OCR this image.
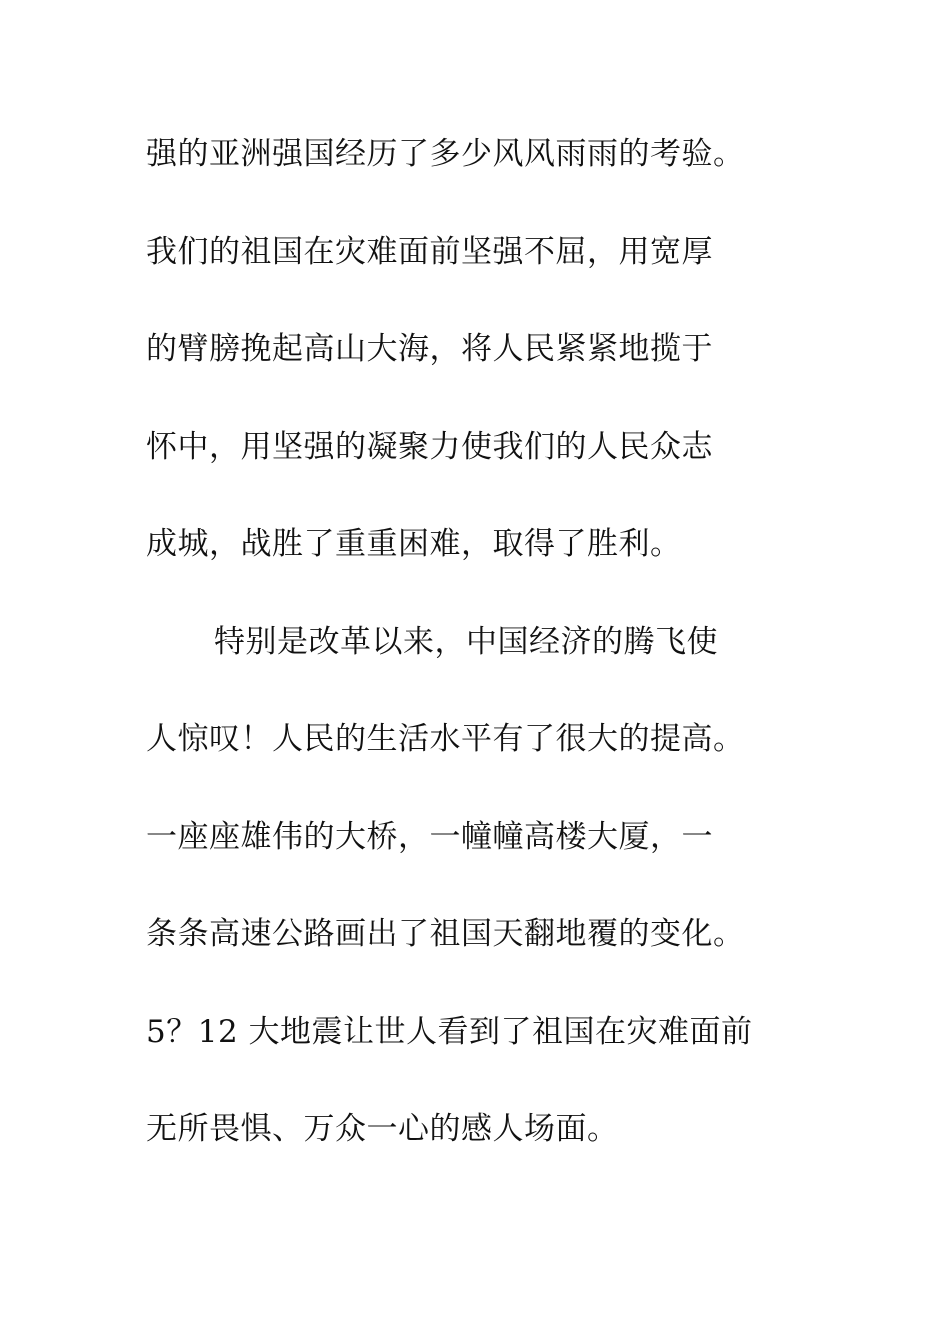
强的亚洲强国经历了多少风风雨雨的考验。
我们的祖国在灾难面前坚强不屈，用宽厚
的臂膀挽起高山大海，将人民紧紧地揽于
怀中，用坚强的凝聚力使我们的人民众志
成城，战胜了重重困难，取得了胜利。
特别是改革以来，中国经济的腾飞使
人惊叹！人民的生活水平有了很大的提高。
一座座雄伟的大桥，一幢幢高楼大厦，一
条条高速公路画出了祖国天翻地覆的变化。
5？12 大地震让世人看到了祖国在灾难面前
无所畏惧、万众一心的感人场面。
